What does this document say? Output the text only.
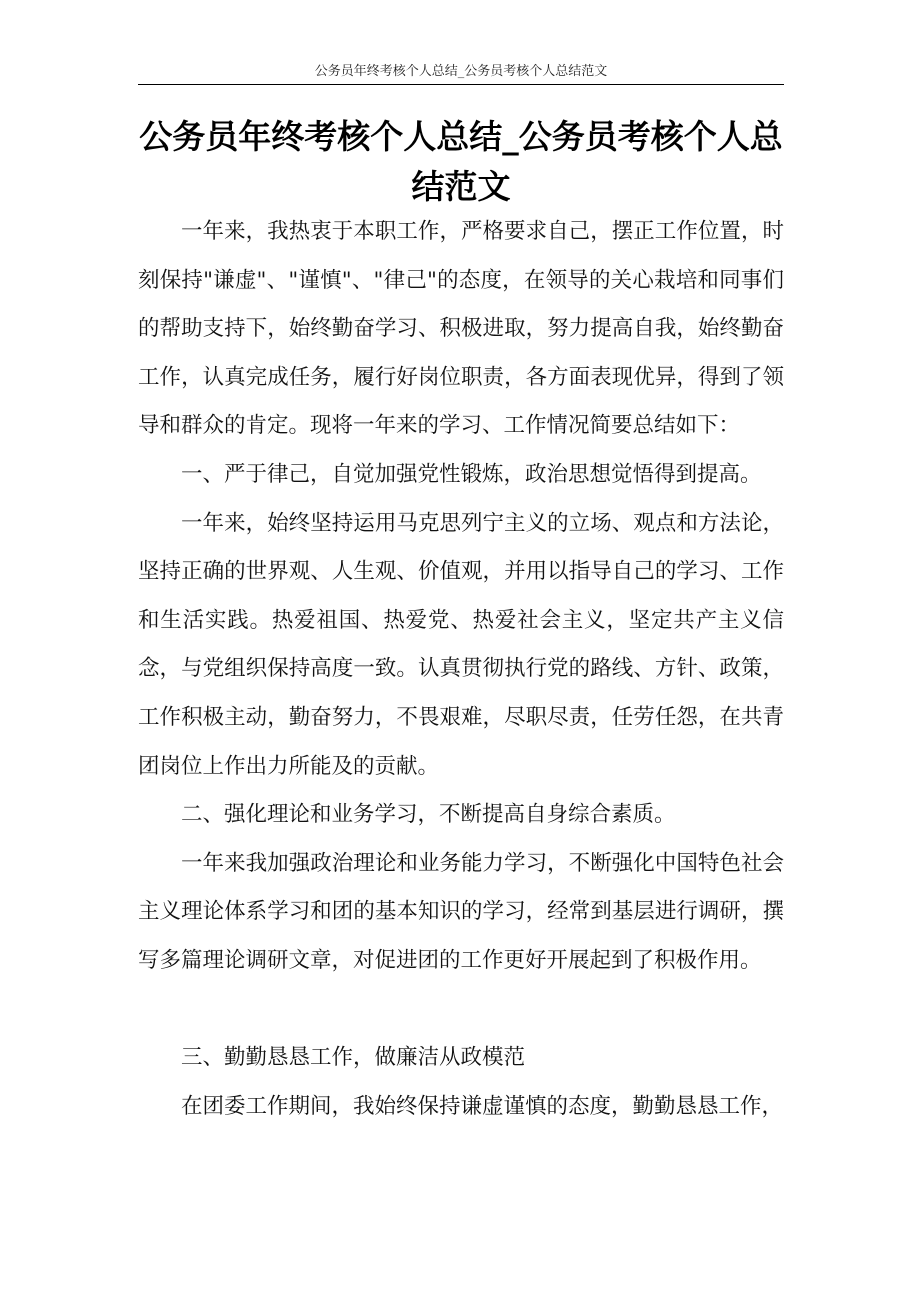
公务员年终考核个人总结_公务员考核个人总结范文
公务员年终考核个人总结_公务员考核个人总结范文

一年来，我热衷于本职工作，严格要求自己，摆正工作位置，时刻保持"谦虚"、"谨慎"、"律己"的态度，在领导的关心栽培和同事们的帮助支持下，始终勤奋学习、积极进取，努力提高自我，始终勤奋工作，认真完成任务，履行好岗位职责，各方面表现优异，得到了领导和群众的肯定。现将一年来的学习、工作情况简要总结如下：

一、严于律己，自觉加强党性锻炼，政治思想觉悟得到提高。

一年来，始终坚持运用马克思列宁主义的立场、观点和方法论，坚持正确的世界观、人生观、价值观，并用以指导自己的学习、工作和生活实践。热爱祖国、热爱党、热爱社会主义，坚定共产主义信念，与党组织保持高度一致。认真贯彻执行党的路线、方针、政策，工作积极主动，勤奋努力，不畏艰难，尽职尽责，任劳任怨，在共青团岗位上作出力所能及的贡献。

二、强化理论和业务学习，不断提高自身综合素质。

一年来我加强政治理论和业务能力学习，不断强化中国特色社会主义理论体系学习和团的基本知识的学习，经常到基层进行调研，撰写多篇理论调研文章，对促进团的工作更好开展起到了积极作用。

三、勤勤恳恳工作，做廉洁从政模范

在团委工作期间，我始终保持谦虚谨慎的态度，勤勤恳恳工作，
